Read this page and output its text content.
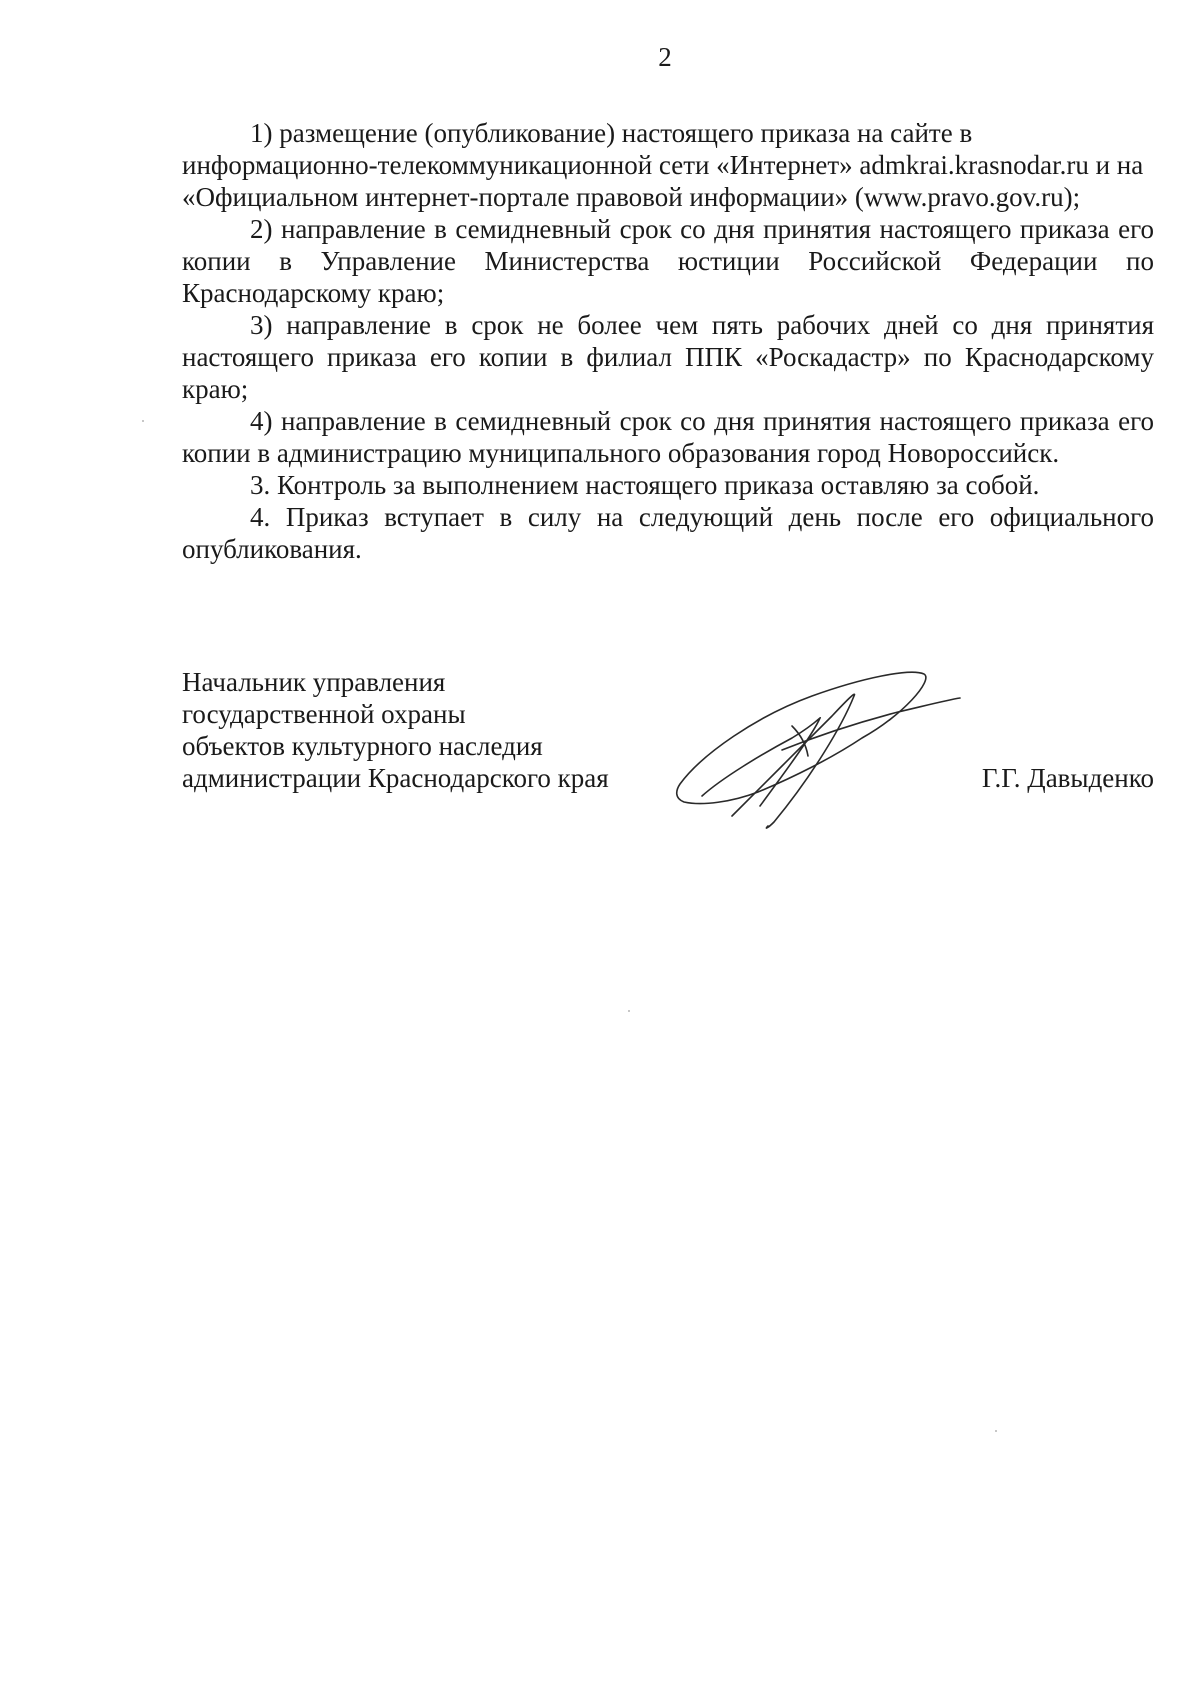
2

1) размещение (опубликование) настоящего приказа на сайте в информационно-телекоммуникационной сети «Интернет» admkrai.krasnodar.ru и на «Официальном интернет-портале правовой информации» (www.pravo.gov.ru);

2) направление в семидневный срок со дня принятия настоящего приказа его копии в Управление Министерства юстиции Российской Федерации по Краснодарскому краю;

3) направление в срок не более чем пять рабочих дней со дня принятия настоящего приказа его копии в филиал ППК «Роскадастр» по Краснодарскому краю;

4) направление в семидневный срок со дня принятия настоящего приказа его копии в администрацию муниципального образования город Новороссийск.

3. Контроль за выполнением настоящего приказа оставляю за собой.

4. Приказ вступает в силу на следующий день после его официального опубликования.

Начальник управления
государственной охраны
объектов культурного наследия
администрации Краснодарского края	Г.Г. Давыденко
